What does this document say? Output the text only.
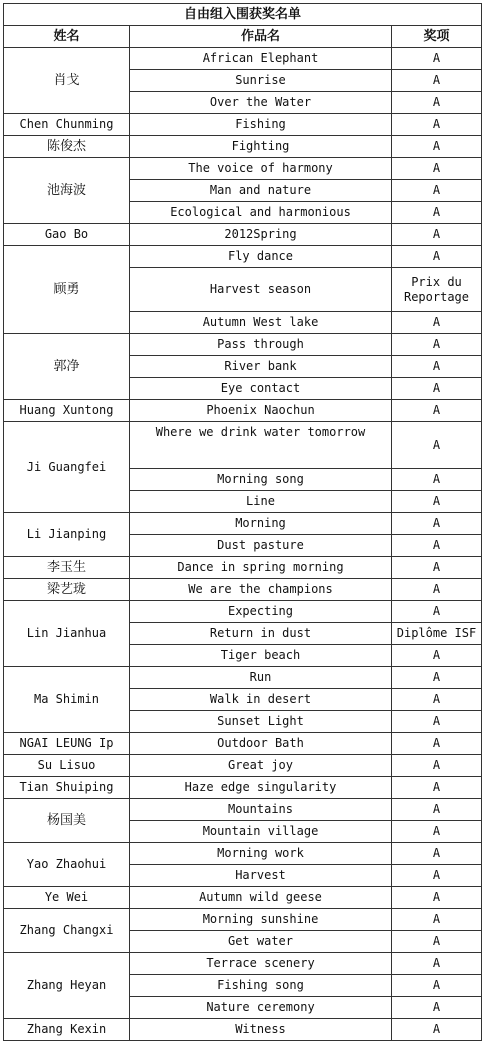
自由组入围获奖名单		
姓名	作品名	奖项
肖戈	African Elephant	A
	Sunrise	A
	Over the Water	A
Chen Chunming	Fishing	A
陈俊杰	Fighting	A
池海波	The voice of harmony	A
	Man and nature	A
	Ecological and harmonious	A
Gao Bo	2012Spring	A
顾勇	Fly dance	A
	Harvest season	Prix du Reportage
	Autumn West lake	A
郭净	Pass through	A
	River bank	A
	Eye contact	A
Huang Xuntong	Phoenix Naochun	A
Ji Guangfei	Where we drink water tomorrow	A
	Morning song	A
	Line	A
Li Jianping	Morning	A
	Dust pasture	A
李玉生	Dance in spring morning	A
梁艺珑	We are the champions	A
Lin Jianhua	Expecting	A
	Return in dust	Diplôme ISF
	Tiger beach	A
Ma Shimin	Run	A
	Walk in desert	A
	Sunset Light	A
NGAI LEUNG Ip	Outdoor Bath	A
Su Lisuo	Great joy	A
Tian Shuiping	Haze edge singularity	A
杨国美	Mountains	A
	Mountain village	A
Yao Zhaohui	Morning work	A
	Harvest	A
Ye Wei	Autumn wild geese	A
Zhang Changxi	Morning sunshine	A
	Get water	A
Zhang Heyan	Terrace scenery	A
	Fishing song	A
	Nature ceremony	A
Zhang Kexin	Witness	A
